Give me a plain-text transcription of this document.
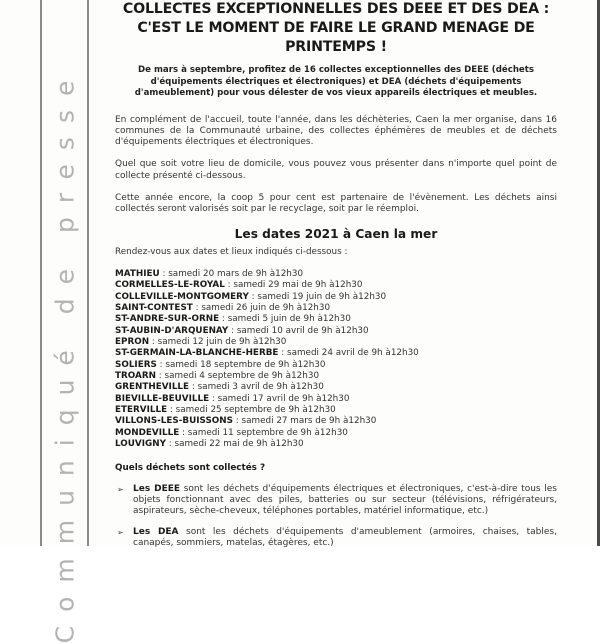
Communiqué de presse
COLLECTES EXCEPTIONNELLES DES DEEE ET DES DEA :
C'EST LE MOMENT DE FAIRE LE GRAND MENAGE DE PRINTEMPS !

De mars à septembre, profitez de 16 collectes exceptionnelles des DEEE (déchets d'équipements électriques et électroniques) et DEA (déchets d'équipements d'ameublement) pour vous délester de vos vieux appareils électriques et meubles.

En complément de l'accueil, toute l'année, dans les déchèteries, Caen la mer organise, dans 16 communes de la Communauté urbaine, des collectes éphémères de meubles et de déchets d'équipements électriques et électroniques.

Quel que soit votre lieu de domicile, vous pouvez vous présenter dans n'importe quel point de collecte présenté ci-dessous.

Cette année encore, la coop 5 pour cent est partenaire de l'évènement. Les déchets ainsi collectés seront valorisés soit par le recyclage, soit par le réemploi.

Les dates 2021 à Caen la mer

Rendez-vous aux dates et lieux indiqués ci-dessous :

MATHIEU : samedi 20 mars de 9h à12h30
CORMELLES-LE-ROYAL : samedi 29 mai de 9h à12h30
COLLEVILLE-MONTGOMERY : samedi 19 juin de 9h à12h30
SAINT-CONTEST : samedi 26 juin de 9h à12h30
ST-ANDRE-SUR-ORNE : samedi 5 juin de 9h à12h30
ST-AUBIN-D'ARQUENAY : samedi 10 avril de 9h à12h30
EPRON : samedi 12 juin de 9h à12h30
ST-GERMAIN-LA-BLANCHE-HERBE : samedi 24 avril de 9h à12h30
SOLIERS : samedi 18 septembre de 9h à12h30
TROARN : samedi 4 septembre de 9h à12h30
GRENTHEVILLE : samedi 3 avril de 9h à12h30
BIEVILLE-BEUVILLE : samedi 17 avril de 9h à12h30
ETERVILLE : samedi 25 septembre de 9h à12h30
VILLONS-LES-BUISSONS : samedi 27 mars de 9h à12h30
MONDEVILLE : samedi 11 septembre de 9h à12h30
LOUVIGNY : samedi 22 mai de 9h à12h30

Quels déchets sont collectés ?

➢ Les DEEE sont les déchets d'équipements électriques et électroniques, c'est-à-dire tous les objets fonctionnant avec des piles, batteries ou sur secteur (télévisions, réfrigérateurs, aspirateurs, sèche-cheveux, téléphones portables, matériel informatique, etc.)
➢ Les DEA sont les déchets d'équipements d'ameublement (armoires, chaises, tables, canapés, sommiers, matelas, étagères, etc.)
